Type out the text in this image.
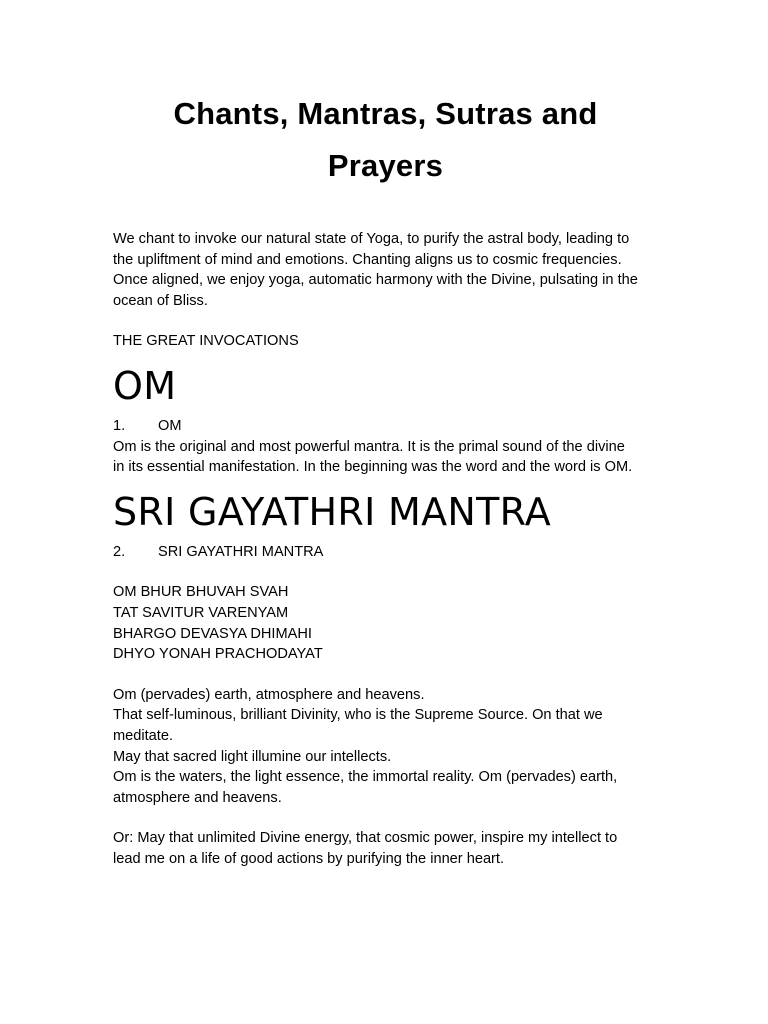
Chants, Mantras, Sutras and
Prayers

We chant to invoke our natural state of Yoga, to purify the astral body, leading to
the upliftment of mind and emotions. Chanting aligns us to cosmic frequencies.
Once aligned, we enjoy yoga, automatic harmony with the Divine, pulsating in the
ocean of Bliss.

THE GREAT INVOCATIONS

OM
1.	OM

Om is the original and most powerful mantra. It is the primal sound of the divine
in its essential manifestation. In the beginning was the word and the word is OM.

SRI GAYATHRI MANTRA
2.	SRI GAYATHRI MANTRA

OM BHUR BHUVAH SVAH
TAT SAVITUR VARENYAM
BHARGO DEVASYA DHIMAHI
DHYO YONAH PRACHODAYAT

Om (pervades) earth, atmosphere and heavens.
That self-luminous, brilliant Divinity, who is the Supreme Source. On that we
meditate.
May that sacred light illumine our intellects.
Om is the waters, the light essence, the immortal reality. Om (pervades) earth,
atmosphere and heavens.

Or: May that unlimited Divine energy, that cosmic power, inspire my intellect to
lead me on a life of good actions by purifying the inner heart.
